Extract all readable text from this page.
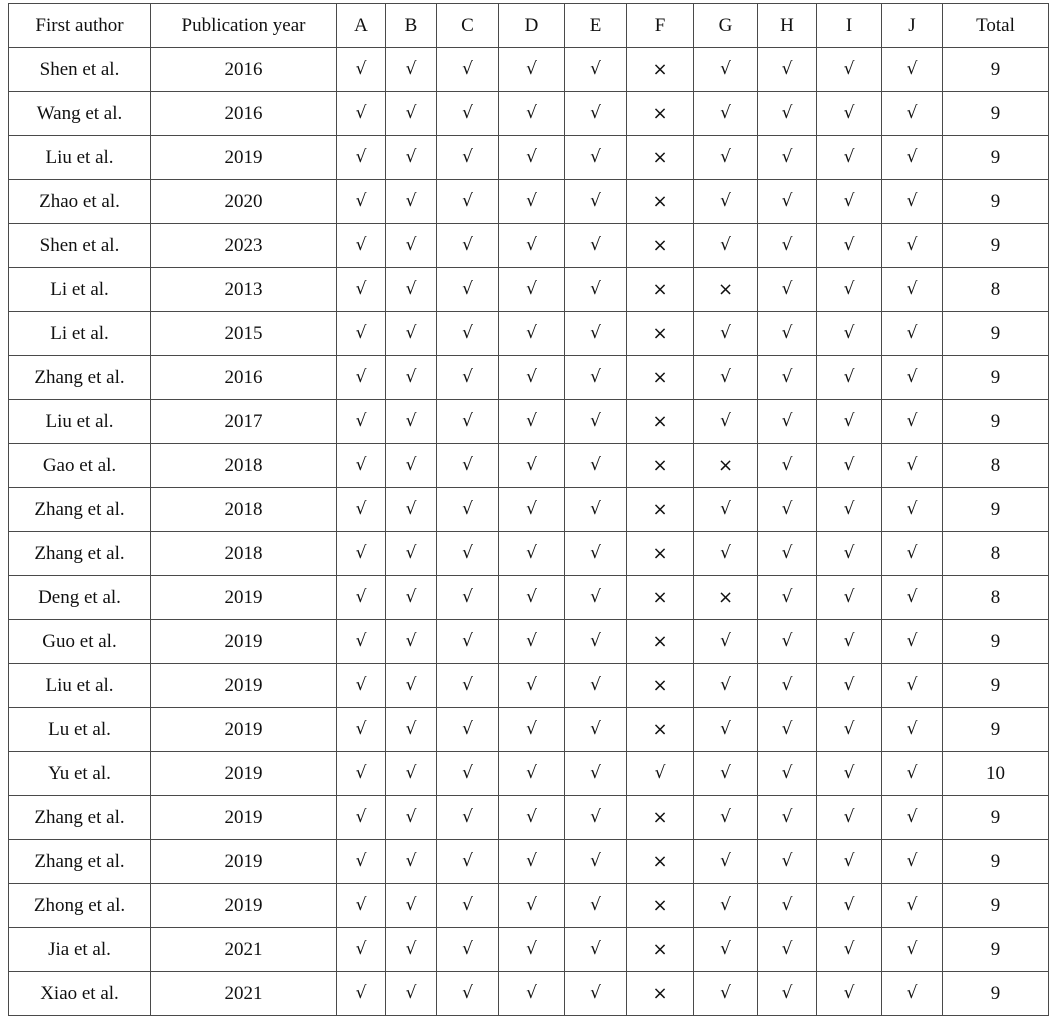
First author	Publication year	A	B	C	D	E	F	G	H	I	J	Total
Shen et al.	2016	√	√	√	√	√	×	√	√	√	√	9
Wang et al.	2016	√	√	√	√	√	×	√	√	√	√	9
Liu et al.	2019	√	√	√	√	√	×	√	√	√	√	9
Zhao et al.	2020	√	√	√	√	√	×	√	√	√	√	9
Shen et al.	2023	√	√	√	√	√	×	√	√	√	√	9
Li et al.	2013	√	√	√	√	√	×	×	√	√	√	8
Li et al.	2015	√	√	√	√	√	×	√	√	√	√	9
Zhang et al.	2016	√	√	√	√	√	×	√	√	√	√	9
Liu et al.	2017	√	√	√	√	√	×	√	√	√	√	9
Gao et al.	2018	√	√	√	√	√	×	×	√	√	√	8
Zhang et al.	2018	√	√	√	√	√	×	√	√	√	√	9
Zhang et al.	2018	√	√	√	√	√	×	√	√	√	√	8
Deng et al.	2019	√	√	√	√	√	×	×	√	√	√	8
Guo et al.	2019	√	√	√	√	√	×	√	√	√	√	9
Liu et al.	2019	√	√	√	√	√	×	√	√	√	√	9
Lu et al.	2019	√	√	√	√	√	×	√	√	√	√	9
Yu et al.	2019	√	√	√	√	√	√	√	√	√	√	10
Zhang et al.	2019	√	√	√	√	√	×	√	√	√	√	9
Zhang et al.	2019	√	√	√	√	√	×	√	√	√	√	9
Zhong et al.	2019	√	√	√	√	√	×	√	√	√	√	9
Jia et al.	2021	√	√	√	√	√	×	√	√	√	√	9
Xiao et al.	2021	√	√	√	√	√	×	√	√	√	√	9
